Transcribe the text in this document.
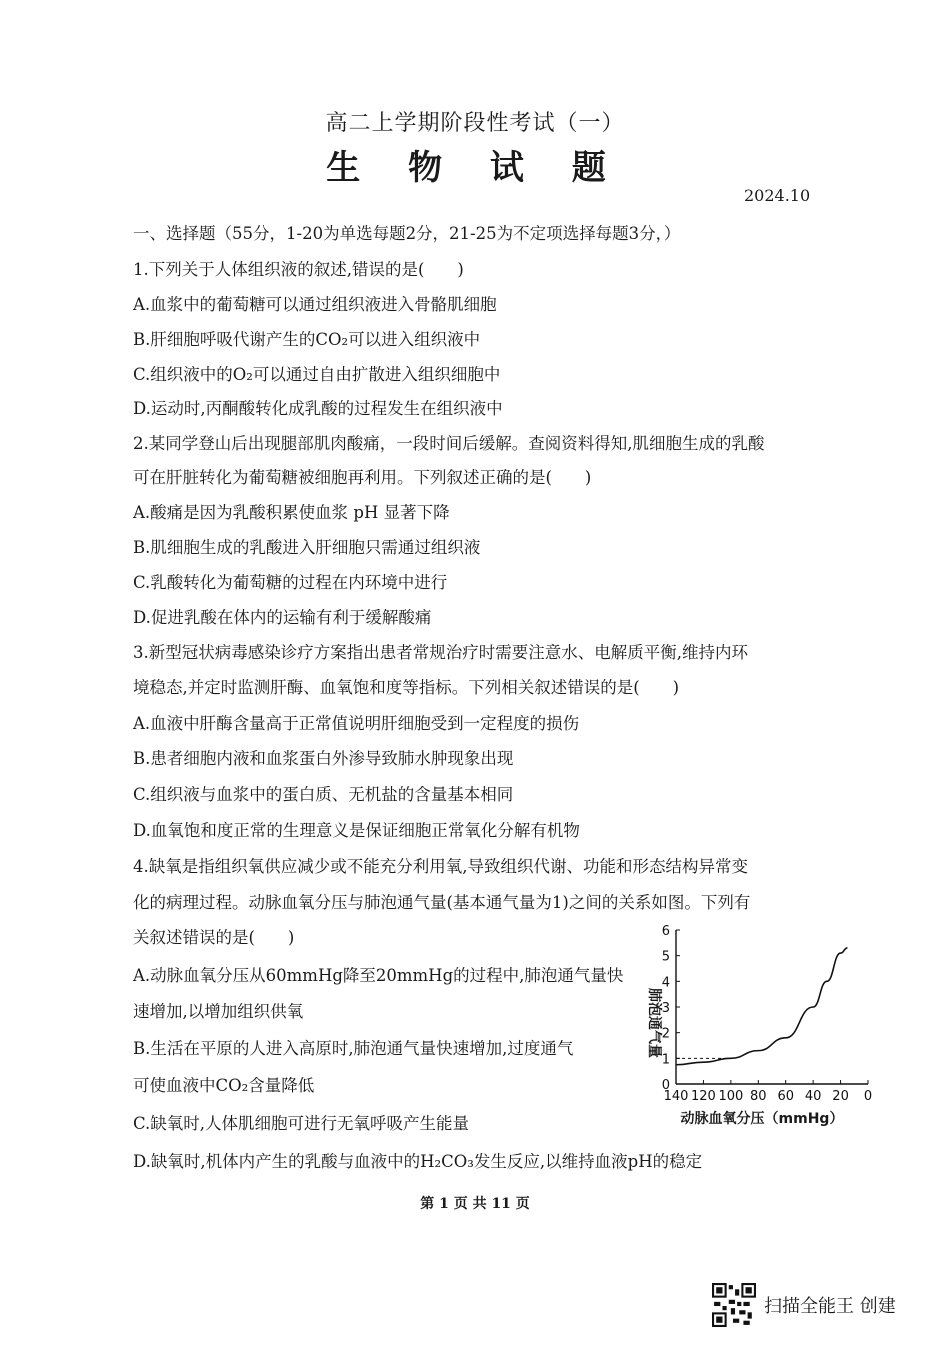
高二上学期阶段性考试（一）
生 物 试 题
2024.10
一、选择题（55分，1-20为单选每题2分，21-25为不定项选择每题3分，）
1.下列关于人体组织液的叙述,错误的是(　　)
A.血浆中的葡萄糖可以通过组织液进入骨骼肌细胞
B.肝细胞呼吸代谢产生的CO₂可以进入组织液中
C.组织液中的O₂可以通过自由扩散进入组织细胞中
D.运动时,丙酮酸转化成乳酸的过程发生在组织液中
2.某同学登山后出现腿部肌肉酸痛，一段时间后缓解。查阅资料得知,肌细胞生成的乳酸
可在肝脏转化为葡萄糖被细胞再利用。下列叙述正确的是(　　)
A.酸痛是因为乳酸积累使血浆 pH 显著下降
B.肌细胞生成的乳酸进入肝细胞只需通过组织液
C.乳酸转化为葡萄糖的过程在内环境中进行
D.促进乳酸在体内的运输有利于缓解酸痛
3.新型冠状病毒感染诊疗方案指出患者常规治疗时需要注意水、电解质平衡,维持内环
境稳态,并定时监测肝酶、血氧饱和度等指标。下列相关叙述错误的是(　　)
A.血液中肝酶含量高于正常值说明肝细胞受到一定程度的损伤
B.患者细胞内液和血浆蛋白外渗导致肺水肿现象出现
C.组织液与血浆中的蛋白质、无机盐的含量基本相同
D.血氧饱和度正常的生理意义是保证细胞正常氧化分解有机物
4.缺氧是指组织氧供应减少或不能充分利用氧,导致组织代谢、功能和形态结构异常变
化的病理过程。动脉血氧分压与肺泡通气量(基本通气量为1)之间的关系如图。下列有
关叙述错误的是(　　)
A.动脉血氧分压从60mmHg降至20mmHg的过程中,肺泡通气量快
速增加,以增加组织供氧
B.生活在平原的人进入高原时,肺泡通气量快速增加,过度通气
可使血液中CO₂含量降低
C.缺氧时,人体肌细胞可进行无氧呼吸产生能量
D.缺氧时,机体内产生的乳酸与血液中的H₂CO₃发生反应,以维持血液pH的稳定
0
1
2
3
4
5
6
140 120 100 80 60 40 20 0
动脉血氧分压（mmHg）
肺泡通气量
第 1 页 共 11 页
扫描全能王 创建
